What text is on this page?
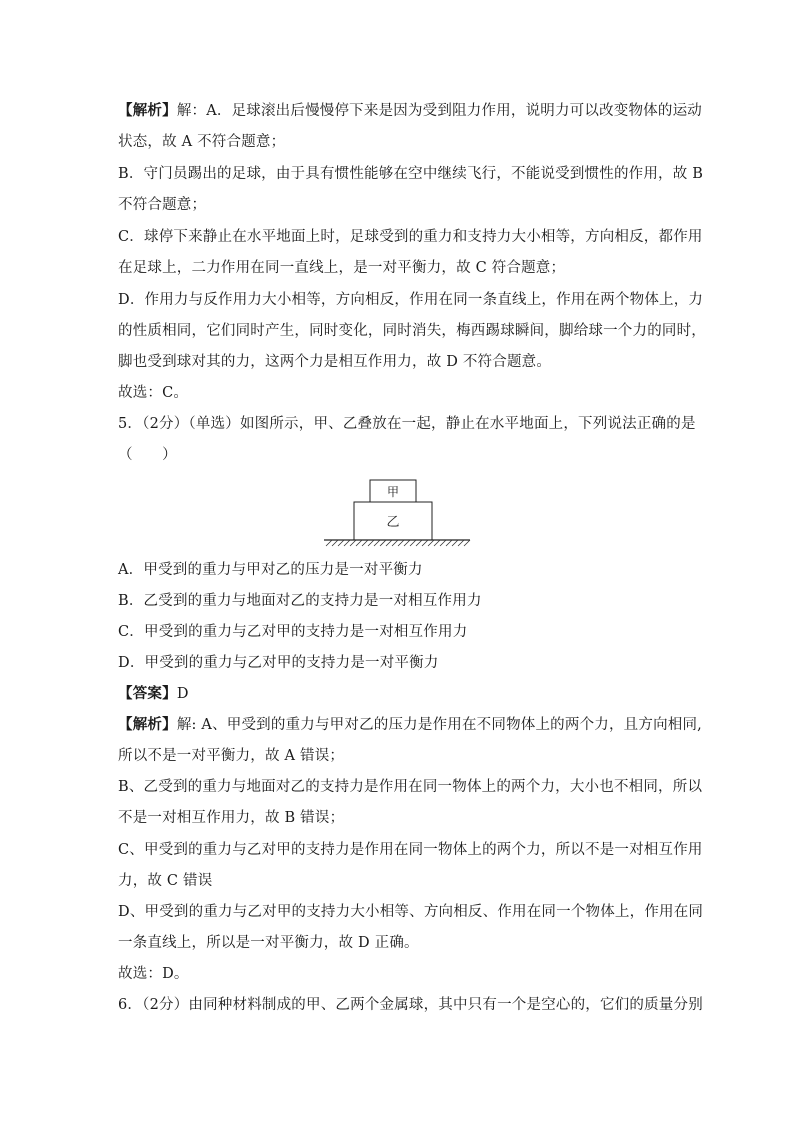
【解析】解：A．足球滚出后慢慢停下来是因为受到阻力作用，说明力可以改变物体的运动
状态，故 A 不符合题意；
B．守门员踢出的足球，由于具有惯性能够在空中继续飞行，不能说受到惯性的作用，故 B
不符合题意；
C．球停下来静止在水平地面上时，足球受到的重力和支持力大小相等，方向相反，都作用
在足球上，二力作用在同一直线上，是一对平衡力，故 C 符合题意；
D．作用力与反作用力大小相等，方向相反，作用在同一条直线上，作用在两个物体上，力
的性质相同，它们同时产生，同时变化，同时消失，梅西踢球瞬间，脚给球一个力的同时，
脚也受到球对其的力，这两个力是相互作用力，故 D 不符合题意。
故选：C。
5．（2分）（单选）如图所示，甲、乙叠放在一起，静止在水平地面上，下列说法正确的是
（　　）
甲
乙
A．甲受到的重力与甲对乙的压力是一对平衡力
B．乙受到的重力与地面对乙的支持力是一对相互作用力
C．甲受到的重力与乙对甲的支持力是一对相互作用力
D．甲受到的重力与乙对甲的支持力是一对平衡力
【答案】D
【解析】解: A、甲受到的重力与甲对乙的压力是作用在不同物体上的两个力，且方向相同,
所以不是一对平衡力，故 A 错误；
B、乙受到的重力与地面对乙的支持力是作用在同一物体上的两个力，大小也不相同，所以
不是一对相互作用力，故 B 错误；
C、甲受到的重力与乙对甲的支持力是作用在同一物体上的两个力，所以不是一对相互作用
力，故 C 错误
D、甲受到的重力与乙对甲的支持力大小相等、方向相反、作用在同一个物体上，作用在同
一条直线上，所以是一对平衡力，故 D 正确。
故选：D。
6．（2分）由同种材料制成的甲、乙两个金属球，其中只有一个是空心的，它们的质量分别
